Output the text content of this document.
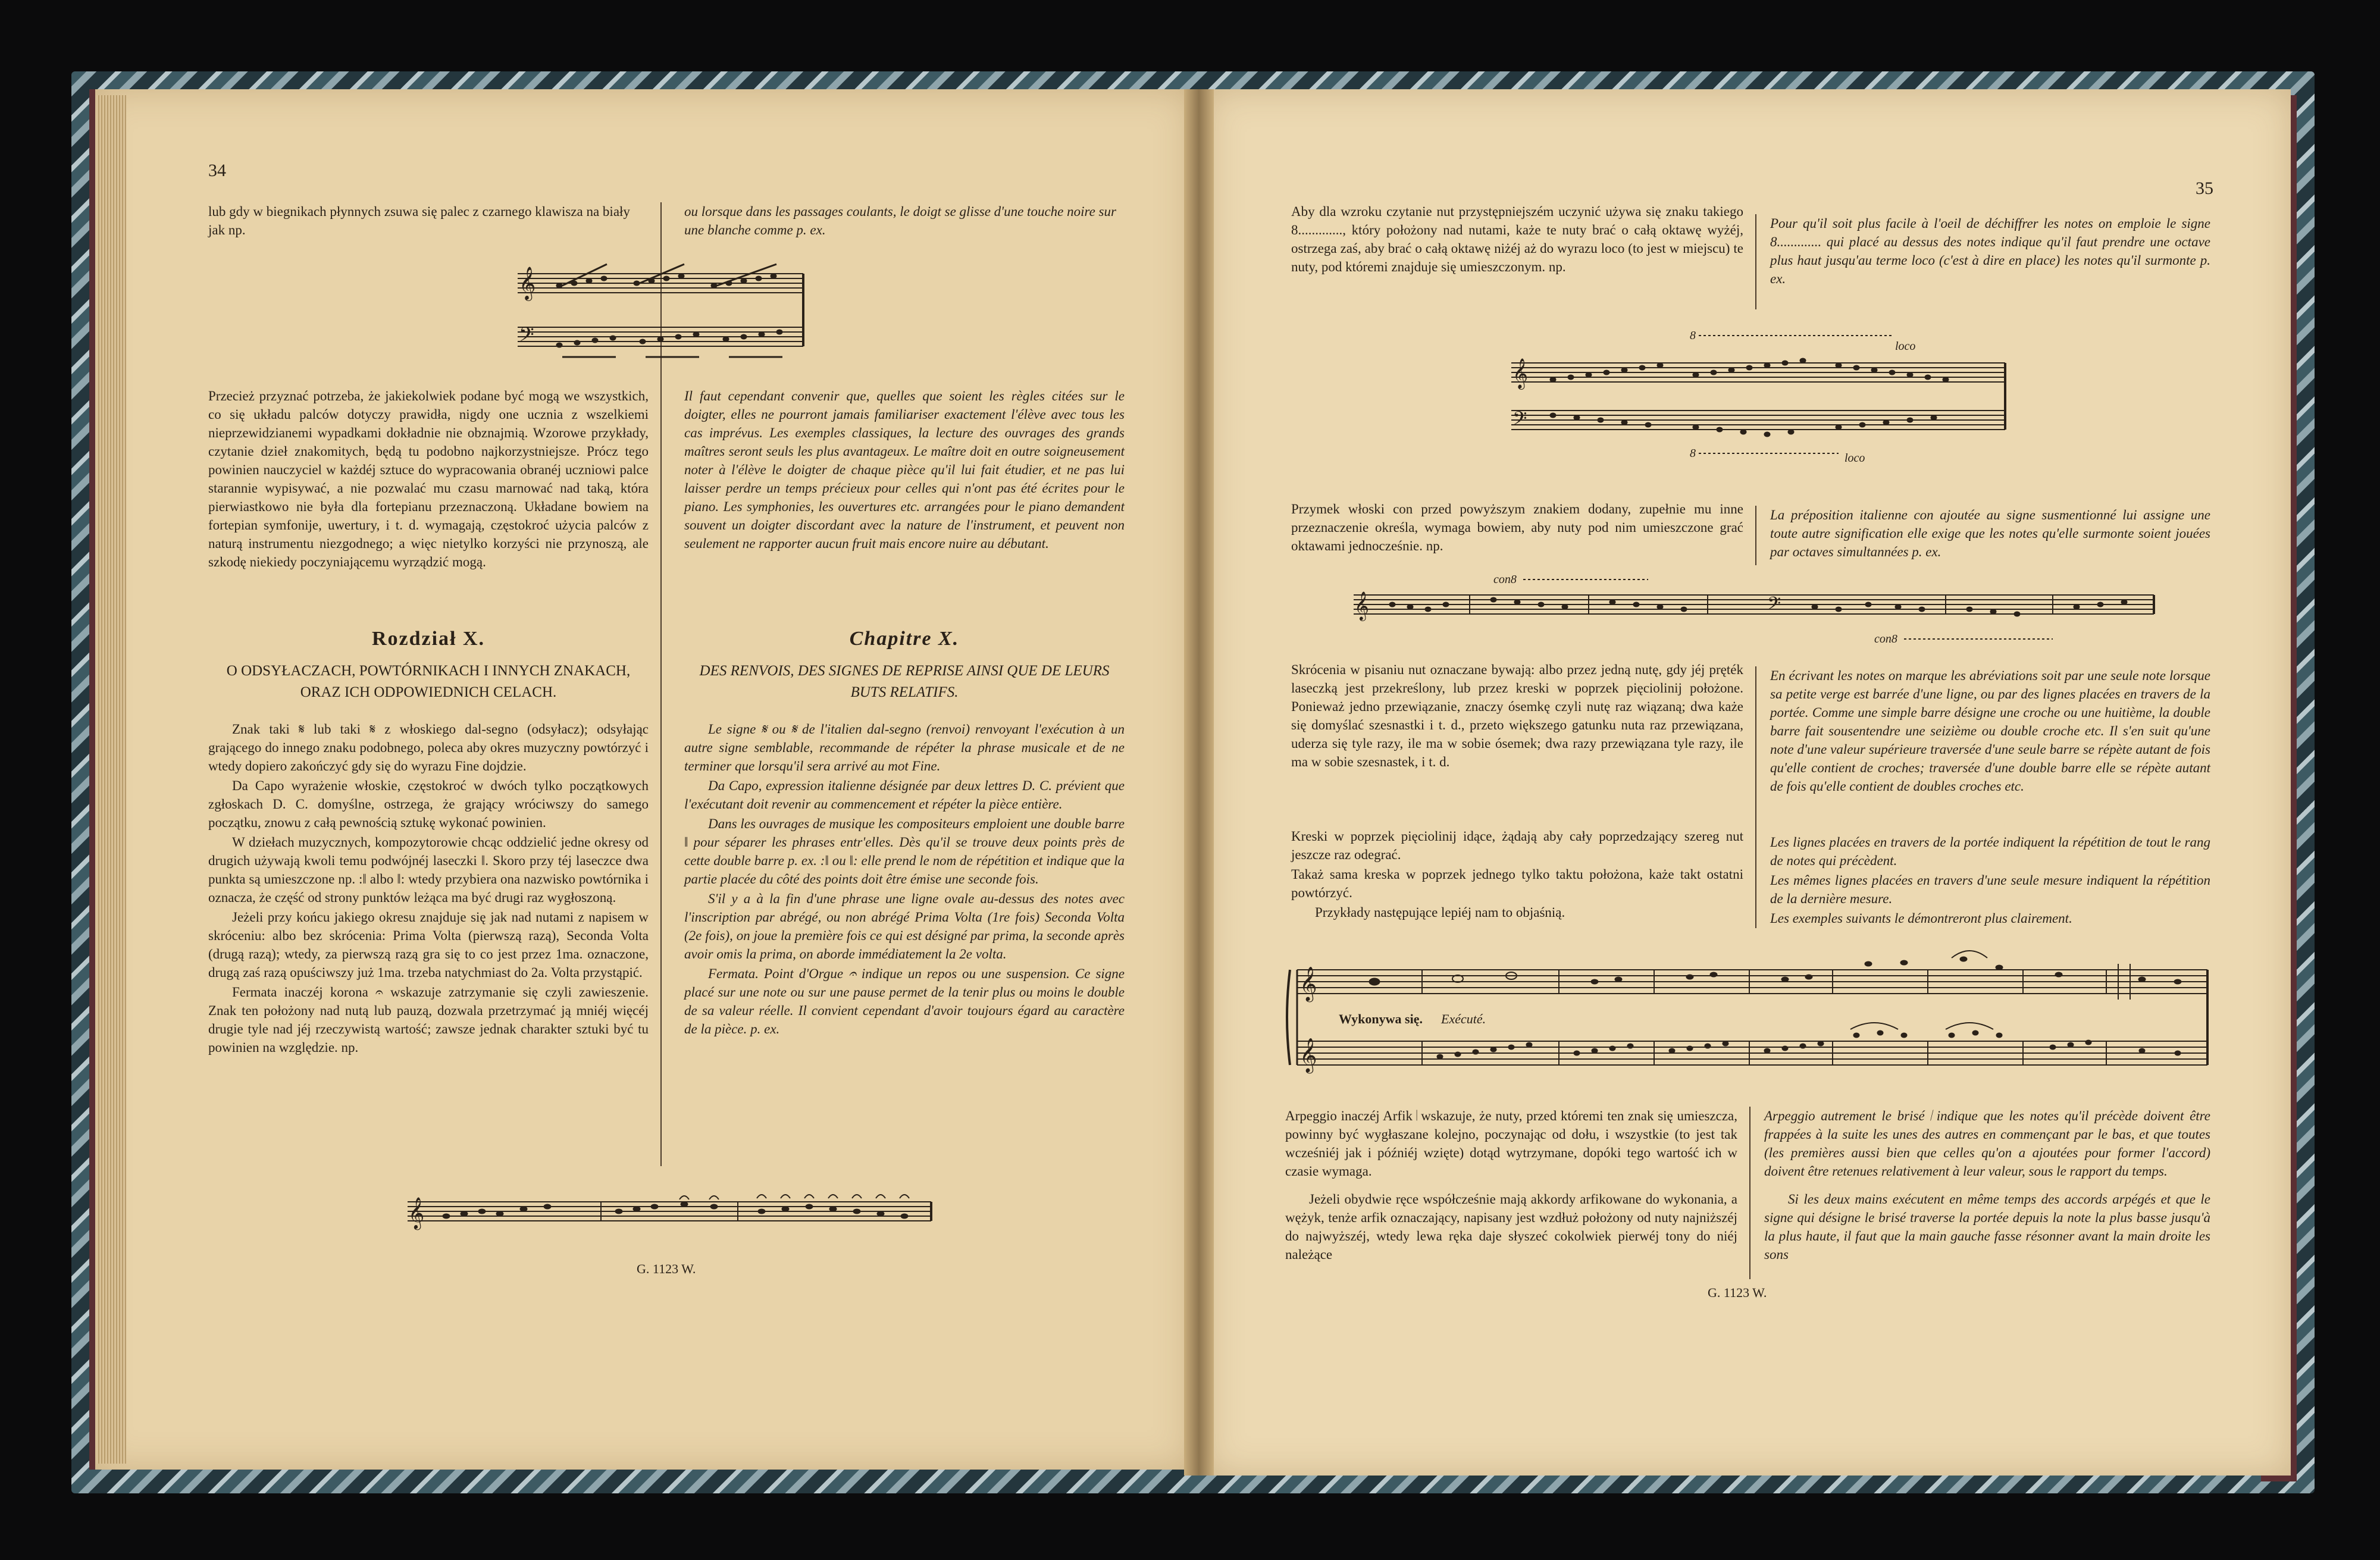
34
lub gdy w biegnikach płynnych zsuwa się palec z czarnego klawisza na biały jak np.
ou lorsque dans les passages coulants, le doigt se glisse d'une touche noire sur une blanche comme p. ex.
𝄞
𝄢
Przecież przyznać potrzeba, że jakiekolwiek podane być mogą we wszystkich, co się układu palców dotyczy prawidła, nigdy one ucznia z wszelkiemi nieprzewidzianemi wypadkami dokładnie nie obznajmią. Wzorowe przykłady, czytanie dzieł znakomitych, będą tu podobno najkorzystniejsze. Prócz tego powinien nauczyciel w każdéj sztuce do wypracowania obranéj uczniowi palce starannie wypisywać, a nie pozwalać mu czasu marnować nad taką, która pierwiastkowo nie była dla fortepianu przeznaczoną. Układane bowiem na fortepian symfonije, uwertury, i t. d. wymagają, częstokroć użycia palców z naturą instrumentu niezgodnego; a więc nietylko korzyści nie przynoszą, ale szkodę niekiedy poczyniającemu wyrządzić mogą.
Il faut cependant convenir que, quelles que soient les règles citées sur le doigter, elles ne pourront jamais familiariser exactement l'élève avec tous les cas imprévus. Les exemples classiques, la lecture des ouvrages des grands maîtres seront seuls les plus avantageux. Le maître doit en outre soigneusement noter à l'élève le doigter de chaque pièce qu'il lui fait étudier, et ne pas lui laisser perdre un temps précieux pour celles qui n'ont pas été écrites pour le piano. Les symphonies, les ouvertures etc. arrangées pour le piano demandent souvent un doigter discordant avec la nature de l'instrument, et peuvent non seulement ne rapporter aucun fruit mais encore nuire au débutant.
Rozdział X.
O ODSYŁACZACH, POWTÓRNIKACH I INNYCH ZNAKACH, ORAZ ICH ODPOWIEDNICH CELACH.
Chapitre X.
DES RENVOIS, DES SIGNES DE REPRISE AINSI QUE DE LEURS BUTS RELATIFS.

Znak taki 𝄋 lub taki 𝄋 z włoskiego dal-segno (odsyłacz); odsyłając grającego do innego znaku podobnego, poleca aby okres muzyczny powtórzyć i wtedy dopiero zakończyć gdy się do wyrazu Fine dojdzie.

Da Capo wyrażenie włoskie, częstokroć w dwóch tylko początkowych zgłoskach D. C. domyślne, ostrzega, że grający wróciwszy do samego początku, znowu z całą pewnością sztukę wykonać powinien.

W dziełach muzycznych, kompozytorowie chcąc oddzielić jedne okresy od drugich używają kwoli temu podwójnéj laseczki ‖. Skoro przy téj laseczce dwa punkta są umieszczone np. :‖ albo ‖: wtedy przybiera ona nazwisko powtórnika i oznacza, że część od strony punktów leżąca ma być drugi raz wygłoszoną.

Jeżeli przy końcu jakiego okresu znajduje się jak nad nutami z napisem w skróceniu: albo bez skrócenia: Prima Volta (pierwszą razą), Seconda Volta (drugą razą); wtedy, za pierwszą razą gra się to co jest przez 1ma. oznaczone, drugą zaś razą opuściwszy już 1ma. trzeba natychmiast do 2a. Volta przystąpić.

Fermata inaczéj korona 𝄐 wskazuje zatrzymanie się czyli zawieszenie. Znak ten położony nad nutą lub pauzą, dozwala przetrzymać ją mniéj więcéj drugie tyle nad jéj rzeczywistą wartość; zawsze jednak charakter sztuki być tu powinien na względzie. np.

Le signe 𝄋 ou 𝄋 de l'italien dal-segno (renvoi) renvoyant l'exécution à un autre signe semblable, recommande de répéter la phrase musicale et de ne terminer que lorsqu'il sera arrivé au mot Fine.

Da Capo, expression italienne désignée par deux lettres D. C. prévient que l'exécutant doit revenir au commencement et répéter la pièce entière.

Dans les ouvrages de musique les compositeurs emploient une double barre ‖ pour séparer les phrases entr'elles. Dès qu'il se trouve deux points près de cette double barre p. ex. :‖ ou ‖: elle prend le nom de répétition et indique que la partie placée du côté des points doit être émise une seconde fois.

S'il y a à la fin d'une phrase une ligne ovale au-dessus des notes avec l'inscription par abrégé, ou non abrégé Prima Volta (1re fois) Seconda Volta (2e fois), on joue la première fois ce qui est désigné par prima, la seconde après avoir omis la prima, on aborde immédiatement la 2e volta.

Fermata. Point d'Orgue 𝄐 indique un repos ou une suspension. Ce signe placé sur une note ou sur une pause permet de la tenir plus ou moins le double de sa valeur réelle. Il convient cependant d'avoir toujours égard au caractère de la pièce. p. ex.

𝄞
G. 1123 W.
35
Aby dla wzroku czytanie nut przystępniejszém uczynić używa się znaku takiego 8............., który położony nad nutami, każe te nuty brać o całą oktawę wyżéj, ostrzega zaś, aby brać o całą oktawę niżéj aż do wyrazu loco (to jest w miejscu) te nuty, pod któremi znajduje się umieszczonym. np.
Pour qu'il soit plus facile à l'oeil de déchiffrer les notes on emploie le signe 8............. qui placé au dessus des notes indique qu'il faut prendre une octave plus haut jusqu'au terme loco (c'est à dire en place) les notes qu'il surmonte p. ex.
8
loco
𝄞
𝄢
8	loco
Przymek włoski con przed powyższym znakiem dodany, zupełnie mu inne przeznaczenie określa, wymaga bowiem, aby nuty pod nim umieszczone grać oktawami jednocześnie. np.
La préposition italienne con ajoutée au signe susmentionné lui assigne une toute autre signification elle exige que les notes qu'elle surmonte soient jouées par octaves simultannées p. ex.
con8
𝄞	𝄢
con8
Skrócenia w pisaniu nut oznaczane bywają: albo przez jedną nutę, gdy jéj pręték laseczką jest przekreślony, lub przez kreski w poprzek pięciolinij położone. Ponieważ jedno przewiązanie, znaczy ósemkę czyli nutę raz wiązaną; dwa każe się domyślać szesnastki i t. d., przeto większego gatunku nuta raz przewiązana, uderza się tyle razy, ile ma w sobie ósemek; dwa razy przewiązana tyle razy, ile ma w sobie szesnastek, i t. d.
Kreski w poprzek pięciolinij idące, żądają aby cały poprzedzający szereg nut jeszcze raz odegrać.
Takaż sama kreska w poprzek jednego tylko taktu położona, każe takt ostatni powtórzyć.
Przykłady następujące lepiéj nam to objaśnią.
En écrivant les notes on marque les abréviations soit par une seule note lorsque sa petite verge est barrée d'une ligne, ou par des lignes placées en travers de la portée. Comme une simple barre désigne une croche ou une huitième, la double barre fait sousentendre une seizième ou double croche etc. Il s'en suit qu'une note d'une valeur supérieure traversée d'une seule barre se répète autant de fois qu'elle contient de croches; traversée d'une double barre elle se répète autant de fois qu'elle contient de doubles croches etc.
Les lignes placées en travers de la portée indiquent la répétition de tout le rang de notes qui précèdent.
Les mêmes lignes placées en travers d'une seule mesure indiquent la répétition de la dernière mesure.
Les exemples suivants le démontreront plus clairement.
𝄞
𝄞
Wykonywa się. Exécuté.
Arpeggio inaczéj Arfik 𝄀 wskazuje, że nuty, przed któremi ten znak się umieszcza, powinny być wygłaszane kolejno, poczynając od dołu, i wszystkie (to jest tak wcześniéj jak i późniéj wzięte) dotąd wytrzymane, dopóki tego wartość ich w czasie wymaga.
Jeżeli obydwie ręce współcześnie mają akkordy arfikowane do wykonania, a wężyk, tenże arfik oznaczający, napisany jest wzdłuż położony od nuty najniższéj do najwyższéj, wtedy lewa ręka daje słyszeć cokolwiek pierwéj tony do niéj należące
Arpeggio autrement le brisé 𝄀 indique que les notes qu'il précède doivent être frappées à la suite les unes des autres en commençant par le bas, et que toutes (les premières aussi bien que celles qu'on a ajoutées pour former l'accord) doivent être retenues relativement à leur valeur, sous le rapport du temps.
Si les deux mains exécutent en même temps des accords arpégés et que le signe qui désigne le brisé traverse la portée depuis la note la plus basse jusqu'à la plus haute, il faut que la main gauche fasse résonner avant la main droite les sons
G. 1123 W.
